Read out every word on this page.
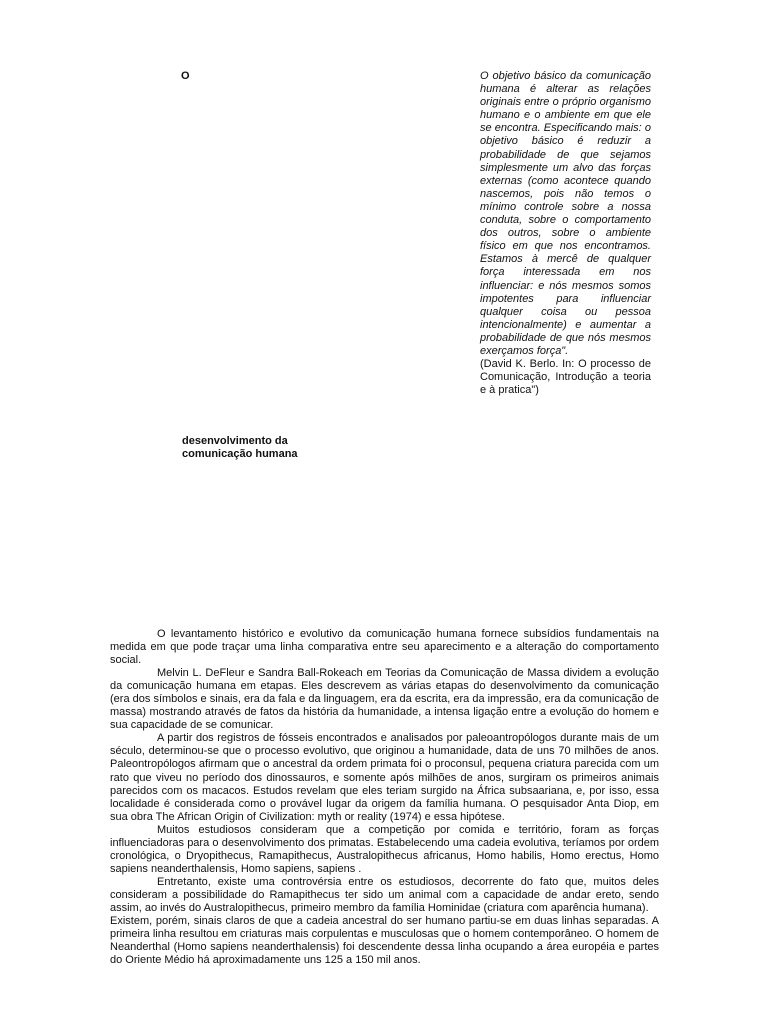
O	O objetivo básico da comunicação humana é alterar as relações originais entre o próprio organismo humano e o ambiente em que ele se encontra. Especificando mais: o objetivo básico é reduzir a probabilidade de que sejamos simplesmente um alvo das forças externas (como acontece quando nascemos, pois não temos o mínimo controle sobre a nossa conduta, sobre o comportamento dos outros, sobre o ambiente físico em que nos encontramos. Estamos à mercê de qualquer força interessada em nos influenciar: e nós mesmos somos impotentes para influenciar qualquer coisa ou pessoa intencionalmente) e aumentar a probabilidade de que nós mesmos exerçamos força".
(David K. Berlo. In: O processo de Comunicação, Introdução a teoria e à pratica")
desenvolvimento da
comunicação humana

O levantamento histórico e evolutivo da comunicação humana fornece subsídios fundamentais na medida em que pode traçar uma linha comparativa entre seu aparecimento e a alteração do comportamento social.

Melvin L. DeFleur e Sandra Ball-Rokeach em Teorias da Comunicação de Massa dividem a evolução da comunicação humana em etapas. Eles descrevem as várias etapas do desenvolvimento da comunicação (era dos símbolos e sinais, era da fala e da linguagem, era da escrita, era da impressão, era da comunicação de massa) mostrando através de fatos da história da humanidade, a intensa ligação entre a evolução do homem e sua capacidade de se comunicar.

A partir dos registros de fósseis encontrados e analisados por paleoantropólogos durante mais de um século, determinou-se que o processo evolutivo, que originou a humanidade, data de uns 70 milhões de anos. Paleontropólogos afirmam que o ancestral da ordem primata foi o proconsul, pequena criatura parecida com um rato que viveu no período dos dinossauros, e somente após milhões de anos, surgiram os primeiros animais parecidos com os macacos. Estudos revelam que eles teriam surgido na África subsaariana, e, por isso, essa localidade é considerada como o provável lugar da origem da família humana. O pesquisador Anta Diop, em sua obra The African Origin of Civilization: myth or reality (1974) e essa hipótese.

Muitos estudiosos consideram que a competição por comida e território, foram as forças influenciadoras para o desenvolvimento dos primatas. Estabelecendo uma cadeia evolutiva, teríamos por ordem cronológica, o Dryopithecus, Ramapithecus, Australopithecus africanus, Homo habilis, Homo erectus, Homo sapiens neanderthalensis, Homo sapiens, sapiens .

Entretanto, existe uma controvérsia entre os estudiosos, decorrente do fato que, muitos deles consideram a possibilidade do Ramapithecus ter sido um animal com a capacidade de andar ereto, sendo assim, ao invés do Australopithecus, primeiro membro da família Hominidae (criatura com aparência humana).

Existem, porém, sinais claros de que a cadeia ancestral do ser humano partiu-se em duas linhas separadas. A primeira linha resultou em criaturas mais corpulentas e musculosas que o homem contemporâneo. O homem de Neanderthal (Homo sapiens neanderthalensis) foi descendente dessa linha ocupando a área européia e partes do Oriente Médio há aproximadamente uns 125 a 150 mil anos.
